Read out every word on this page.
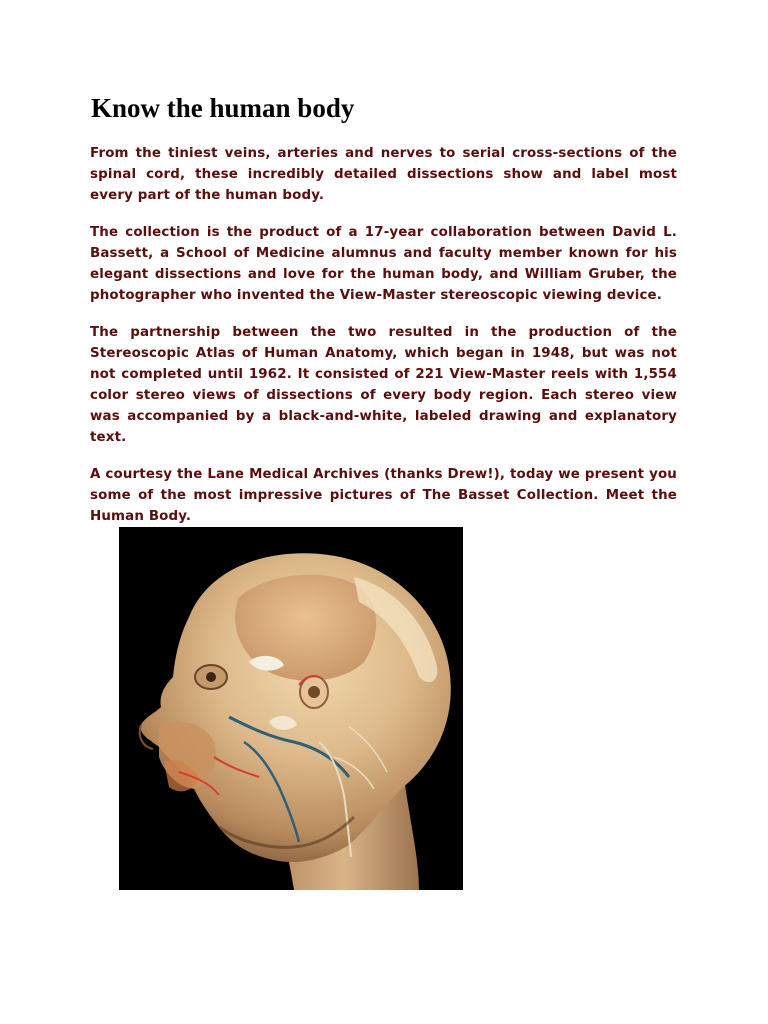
Know the human body

From the tiniest veins, arteries and nerves to serial cross-sections of the spinal cord, these incredibly detailed dissections show and label most every part of the human body.

The collection is the product of a 17-year collaboration between David L. Bassett, a School of Medicine alumnus and faculty member known for his elegant dissections and love for the human body, and William Gruber, the photographer who invented the View-Master stereoscopic viewing device.

The partnership between the two resulted in the production of the Stereoscopic Atlas of Human Anatomy, which began in 1948, but was not not completed until 1962. It consisted of 221 View-Master reels with 1,554 color stereo views of dissections of every body region. Each stereo view was accompanied by a black-and-white, labeled drawing and explanatory text.

A courtesy the Lane Medical Archives (thanks Drew!), today we present you some of the most impressive pictures of The Basset Collection. Meet the Human Body.
